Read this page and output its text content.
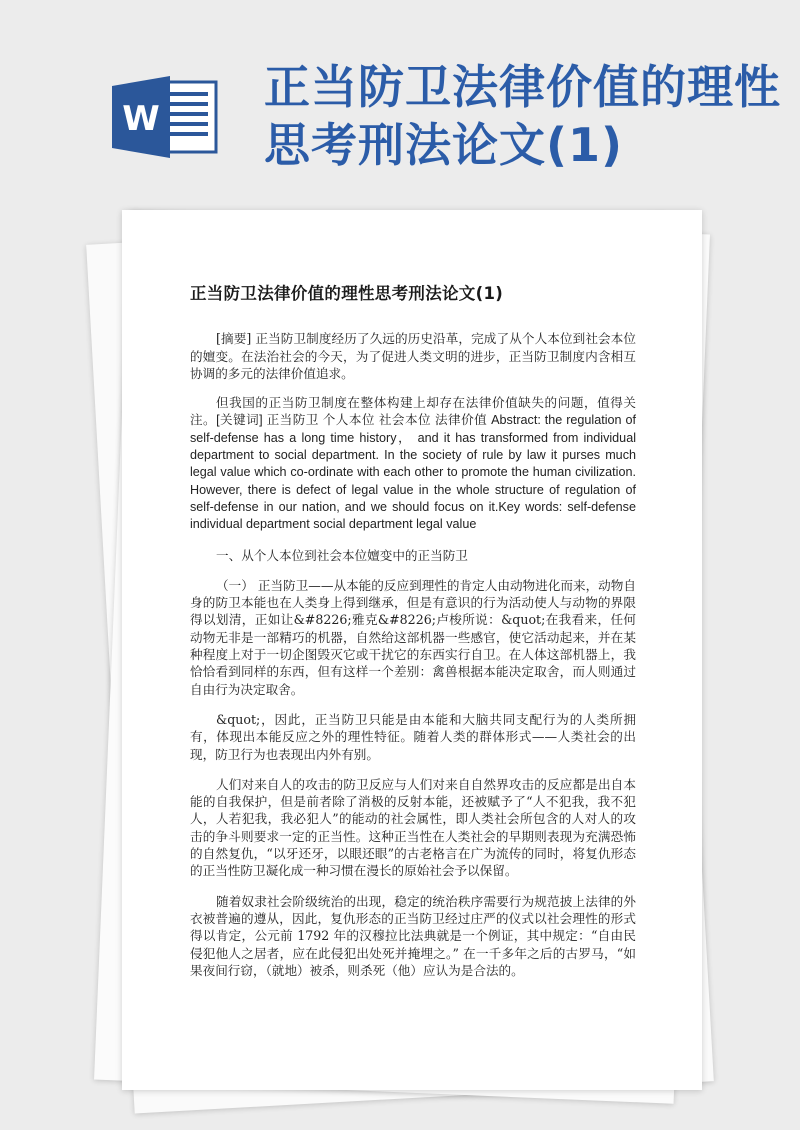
W
正当防卫法律价值的理性思考刑法论文(1)
正当防卫法律价值的理性思考刑法论文(1)

[摘要] 正当防卫制度经历了久远的历史沿革，完成了从个人本位到社会本位的嬗变。在法治社会的今天，为了促进人类文明的进步，正当防卫制度内含相互协调的多元的法律价值追求。

但我国的正当防卫制度在整体构建上却存在法律价值缺失的问题，值得关注。[关键词] 正当防卫 个人本位 社会本位 法律价值 Abstract: the regulation of self-defense has a long time history， and it has transformed from individual department to social department. In the society of rule by law it purses much legal value which co-ordinate with each other to promote the human civilization. However, there is defect of legal value in the whole structure of regulation of self-defense in our nation, and we should focus on it.Key words: self-defense individual department social department legal value

一、从个人本位到社会本位嬗变中的正当防卫

（一） 正当防卫——从本能的反应到理性的肯定人由动物进化而来，动物自身的防卫本能也在人类身上得到继承，但是有意识的行为活动使人与动物的界限得以划清，正如让&#8226;雅克&#8226;卢梭所说：&quot;在我看来，任何动物无非是一部精巧的机器，自然给这部机器一些感官，使它活动起来，并在某种程度上对于一切企图毁灭它或干扰它的东西实行自卫。在人体这部机器上，我恰恰看到同样的东西，但有这样一个差别：禽兽根据本能决定取舍，而人则通过自由行为决定取舍。

&quot;，因此，正当防卫只能是由本能和大脑共同支配行为的人类所拥有，体现出本能反应之外的理性特征。随着人类的群体形式——人类社会的出现，防卫行为也表现出内外有别。

人们对来自人的攻击的防卫反应与人们对来自自然界攻击的反应都是出自本能的自我保护，但是前者除了消极的反射本能，还被赋予了“人不犯我，我不犯人，人若犯我，我必犯人”的能动的社会属性，即人类社会所包含的人对人的攻击的争斗则要求一定的正当性。这种正当性在人类社会的早期则表现为充满恐怖的自然复仇，“以牙还牙，以眼还眼”的古老格言在广为流传的同时，将复仇形态的正当性防卫凝化成一种习惯在漫长的原始社会予以保留。

随着奴隶社会阶级统治的出现，稳定的统治秩序需要行为规范披上法律的外衣被普遍的遵从，因此，复仇形态的正当防卫经过庄严的仪式以社会理性的形式得以肯定，公元前 1792 年的汉穆拉比法典就是一个例证，其中规定：“自由民侵犯他人之居者，应在此侵犯出处死并掩埋之。” 在一千多年之后的古罗马，“如果夜间行窃，（就地）被杀，则杀死（他）应认为是合法的。
